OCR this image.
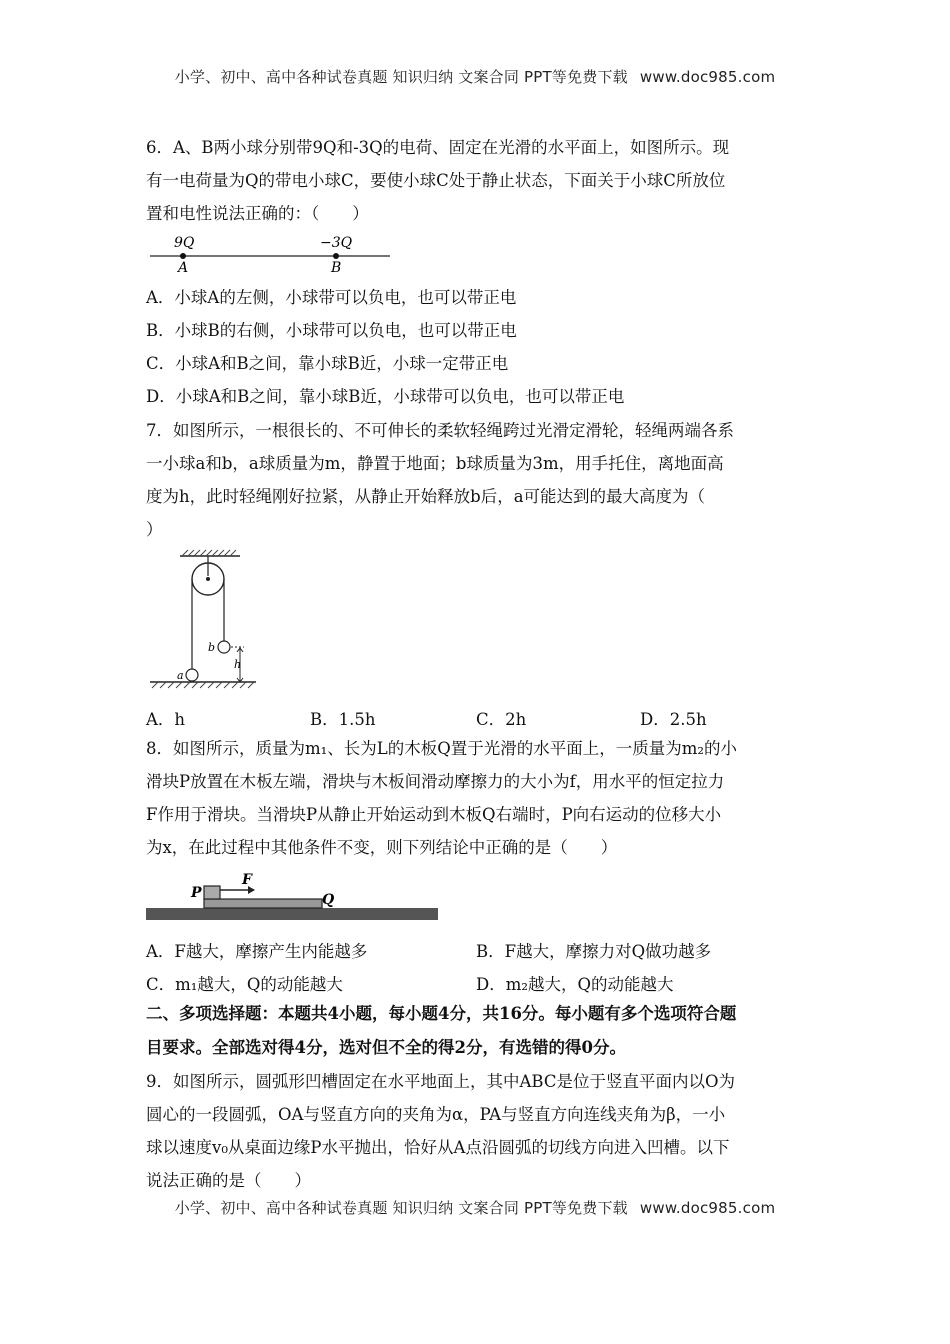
小学、初中、高中各种试卷真题 知识归纳 文案合同 PPT等免费下载 www.doc985.com
6．A、B两小球分别带9Q和-3Q的电荷、固定在光滑的水平面上，如图所示。现
有一电荷量为Q的带电小球C，要使小球C处于静止状态，下面关于小球C所放位
置和电性说法正确的：（　　）
9Q	−3Q
A	B
A．小球A的左侧，小球带可以负电，也可以带正电
B．小球B的右侧，小球带可以负电，也可以带正电
C．小球A和B之间，靠小球B近，小球一定带正电
D．小球A和B之间，靠小球B近，小球带可以负电，也可以带正电
7．如图所示，一根很长的、不可伸长的柔软轻绳跨过光滑定滑轮，轻绳两端各系
一小球a和b，a球质量为m，静置于地面；b球质量为3m，用手托住，离地面高
度为h，此时轻绳刚好拉紧，从静止开始释放b后，a可能达到的最大高度为（
）
b
a
h
A．h	B．1.5h	C．2h	D．2.5h
8．如图所示，质量为m₁、长为L的木板Q置于光滑的水平面上，一质量为m₂的小
滑块P放置在木板左端，滑块与木板间滑动摩擦力的大小为f，用水平的恒定拉力
F作用于滑块。当滑块P从静止开始运动到木板Q右端时，P向右运动的位移大小
为x，在此过程中其他条件不变，则下列结论中正确的是（　　）
P
F
Q
A．F越大，摩擦产生内能越多	B．F越大，摩擦力对Q做功越多
C．m₁越大，Q的动能越大	D．m₂越大，Q的动能越大
二、多项选择题：本题共4小题，每小题4分，共16分。每小题有多个选项符合题
目要求。全部选对得4分，选对但不全的得2分，有选错的得0分。
9．如图所示，圆弧形凹槽固定在水平地面上，其中ABC是位于竖直平面内以O为
圆心的一段圆弧，OA与竖直方向的夹角为α，PA与竖直方向连线夹角为β，一小
球以速度v₀从桌面边缘P水平抛出，恰好从A点沿圆弧的切线方向进入凹槽。以下
说法正确的是（　　）
小学、初中、高中各种试卷真题 知识归纳 文案合同 PPT等免费下载 www.doc985.com
